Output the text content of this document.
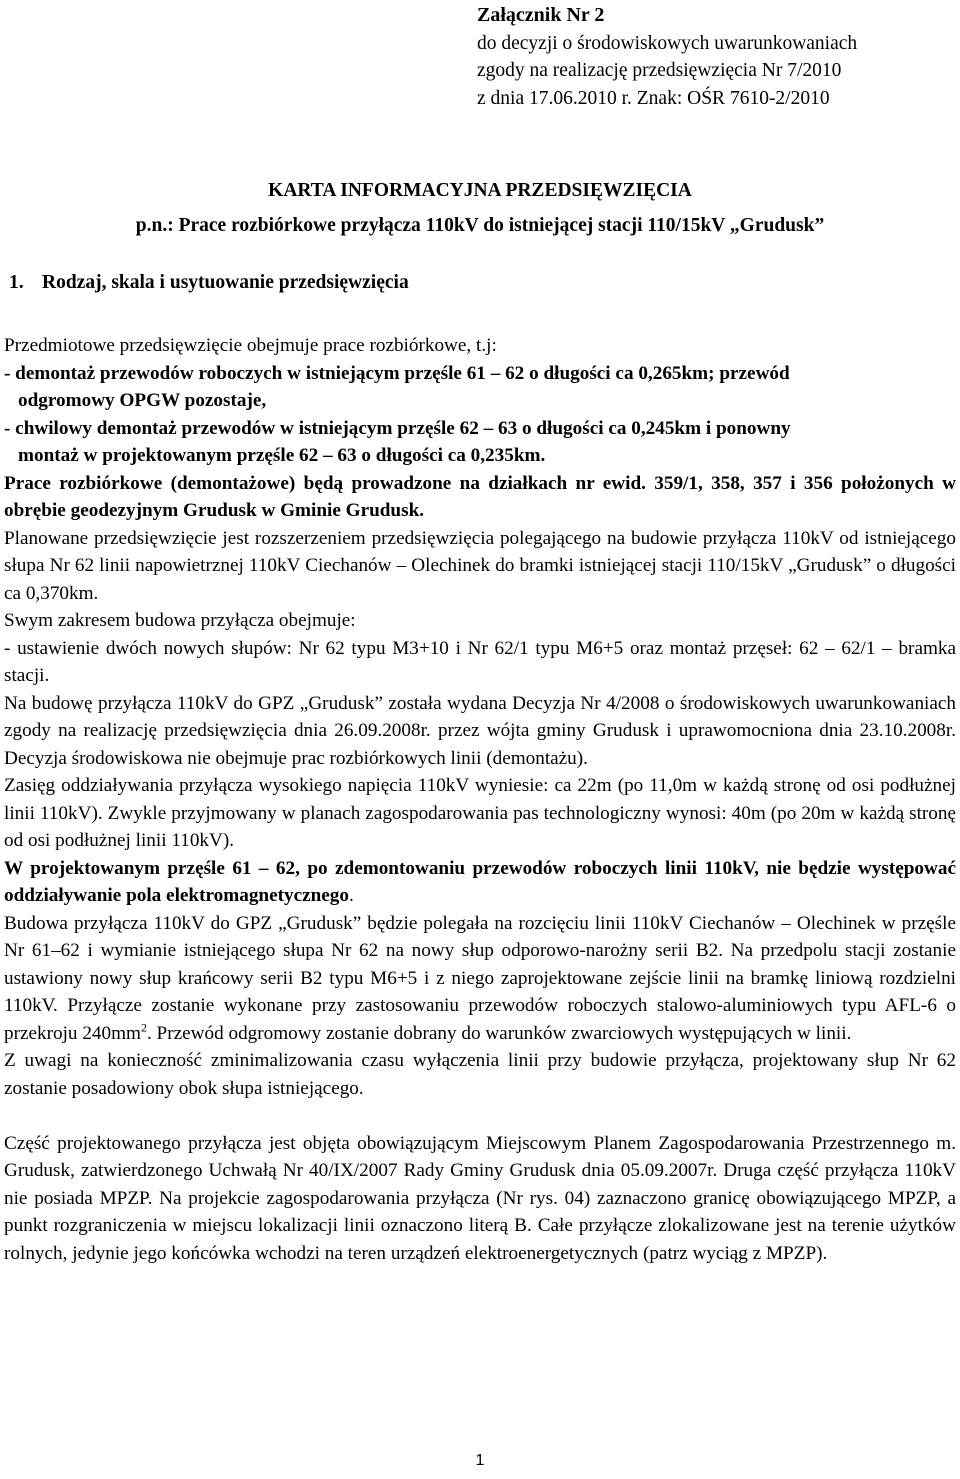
Załącznik Nr 2
do decyzji o środowiskowych uwarunkowaniach
zgody na realizację przedsięwzięcia Nr 7/2010
z dnia 17.06.2010 r. Znak: OŚR 7610-2/2010
KARTA INFORMACYJNA PRZEDSIĘWZIĘCIA
p.n.: Prace rozbiórkowe przyłącza 110kV do istniejącej stacji 110/15kV „Grudusk”
1. Rodzaj, skala i usytuowanie przedsięwzięcia

Przedmiotowe przedsięwzięcie obejmuje prace rozbiórkowe, t.j:

- demontaż przewodów roboczych w istniejącym przęśle 61 – 62 o długości ca 0,265km; przewód

odgromowy OPGW pozostaje,

- chwilowy demontaż przewodów w istniejącym przęśle 62 – 63 o długości ca 0,245km i ponowny

montaż w projektowanym przęśle 62 – 63 o długości ca 0,235km.

Prace rozbiórkowe (demontażowe) będą prowadzone na działkach nr ewid. 359/1, 358, 357 i 356 położonych w obrębie geodezyjnym Grudusk w Gminie Grudusk.

Planowane przedsięwzięcie jest rozszerzeniem przedsięwzięcia polegającego na budowie przyłącza 110kV od istniejącego słupa Nr 62 linii napowietrznej 110kV Ciechanów – Olechinek do bramki istniejącej stacji 110/15kV „Grudusk” o długości ca 0,370km.

Swym zakresem budowa przyłącza obejmuje:

- ustawienie dwóch nowych słupów: Nr 62 typu M3+10 i Nr 62/1 typu M6+5 oraz montaż przęseł: 62 – 62/1 – bramka stacji.

Na budowę przyłącza 110kV do GPZ „Grudusk” została wydana Decyzja Nr 4/2008 o środowiskowych uwarunkowaniach zgody na realizację przedsięwzięcia dnia 26.09.2008r. przez wójta gminy Grudusk i uprawomocniona dnia 23.10.2008r. Decyzja środowiskowa nie obejmuje prac rozbiórkowych linii (demontażu).

Zasięg oddziaływania przyłącza wysokiego napięcia 110kV wyniesie: ca 22m (po 11,0m w każdą stronę od osi podłużnej linii 110kV). Zwykle przyjmowany w planach zagospodarowania pas technologiczny wynosi: 40m (po 20m w każdą stronę od osi podłużnej linii 110kV).

W projektowanym przęśle 61 – 62, po zdemontowaniu przewodów roboczych linii 110kV, nie będzie występować oddziaływanie pola elektromagnetycznego.

Budowa przyłącza 110kV do GPZ „Grudusk” będzie polegała na rozcięciu linii 110kV Ciechanów – Olechinek w przęśle Nr 61–62 i wymianie istniejącego słupa Nr 62 na nowy słup odporowo-narożny serii B2. Na przedpolu stacji zostanie ustawiony nowy słup krańcowy serii B2 typu M6+5 i z niego zaprojektowane zejście linii na bramkę liniową rozdzielni 110kV. Przyłącze zostanie wykonane przy zastosowaniu przewodów roboczych stalowo-aluminiowych typu AFL-6 o przekroju $240mm^2$. Przewód odgromowy zostanie dobrany do warunków zwarciowych występujących w linii.

Z uwagi na konieczność zminimalizowania czasu wyłączenia linii przy budowie przyłącza, projektowany słup Nr 62 zostanie posadowiony obok słupa istniejącego.

Część projektowanego przyłącza jest objęta obowiązującym Miejscowym Planem Zagospodarowania Przestrzennego m. Grudusk, zatwierdzonego Uchwałą Nr 40/IX/2007 Rady Gminy Grudusk dnia 05.09.2007r. Druga część przyłącza 110kV nie posiada MPZP. Na projekcie zagospodarowania przyłącza (Nr rys. 04) zaznaczono granicę obowiązującego MPZP, a punkt rozgraniczenia w miejscu lokalizacji linii oznaczono literą B. Całe przyłącze zlokalizowane jest na terenie użytków rolnych, jedynie jego końcówka wchodzi na teren urządzeń elektroenergetycznych (patrz wyciąg z MPZP).

1
